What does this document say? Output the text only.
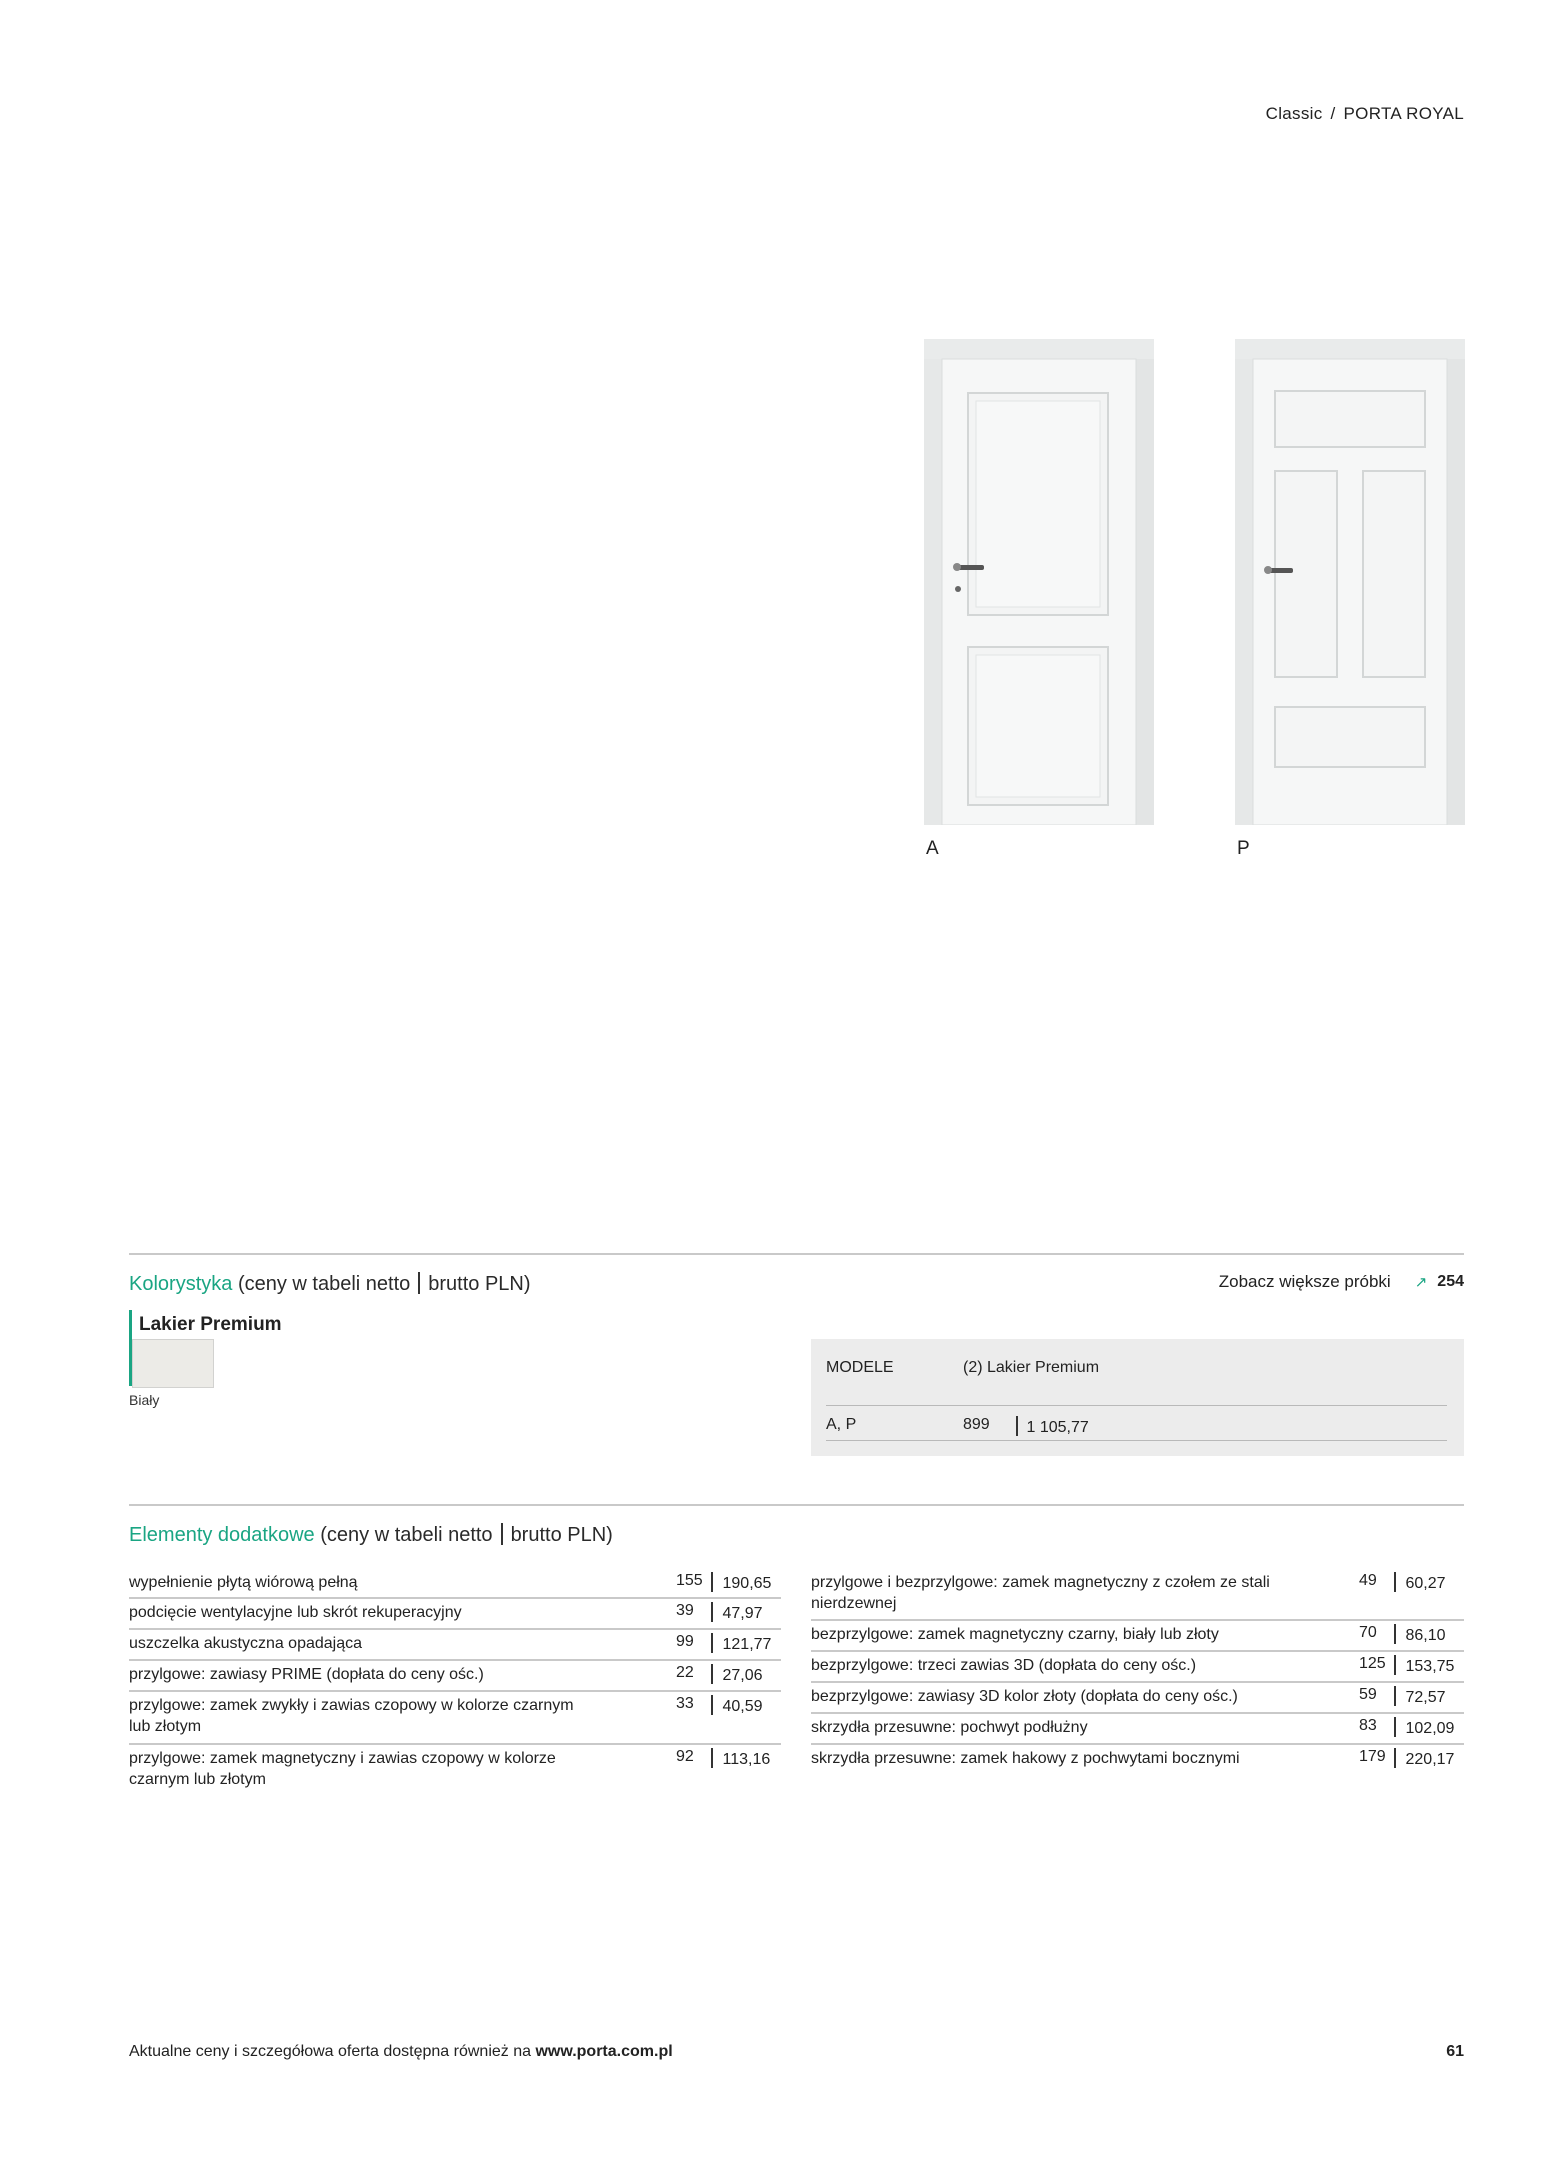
Classic / PORTA ROYAL
A	P
Kolorystyka (ceny w tabeli netto brutto PLN)	Zobacz większe próbki ↗ 254
Lakier Premium
Biały
MODELE	(2) Lakier Premium
A, P	899	1 105,77
Elementy dodatkowe (ceny w tabeli netto brutto PLN)
wypełnienie płytą wiórową pełną	155	190,65
podcięcie wentylacyjne lub skrót rekuperacyjny	39	47,97
uszczelka akustyczna opadająca	99	121,77
przylgowe: zawiasy PRIME (dopłata do ceny ośc.)	22	27,06
przylgowe: zamek zwykły i zawias czopowy w kolorze czarnym
lub złotym
33	40,59
przylgowe: zamek magnetyczny i zawias czopowy w kolorze
czarnym lub złotym
92	113,16
przylgowe i bezprzylgowe: zamek magnetyczny z czołem ze stali
nierdzewnej
49	60,27
bezprzylgowe: zamek magnetyczny czarny, biały lub złoty	70	86,10
bezprzylgowe: trzeci zawias 3D (dopłata do ceny ośc.)	125	153,75
bezprzylgowe: zawiasy 3D kolor złoty (dopłata do ceny ośc.)	59	72,57
skrzydła przesuwne: pochwyt podłużny	83	102,09
skrzydła przesuwne: zamek hakowy z pochwytami bocznymi	179	220,17
Aktualne ceny i szczegółowa oferta dostępna również na www.porta.com.pl	61
